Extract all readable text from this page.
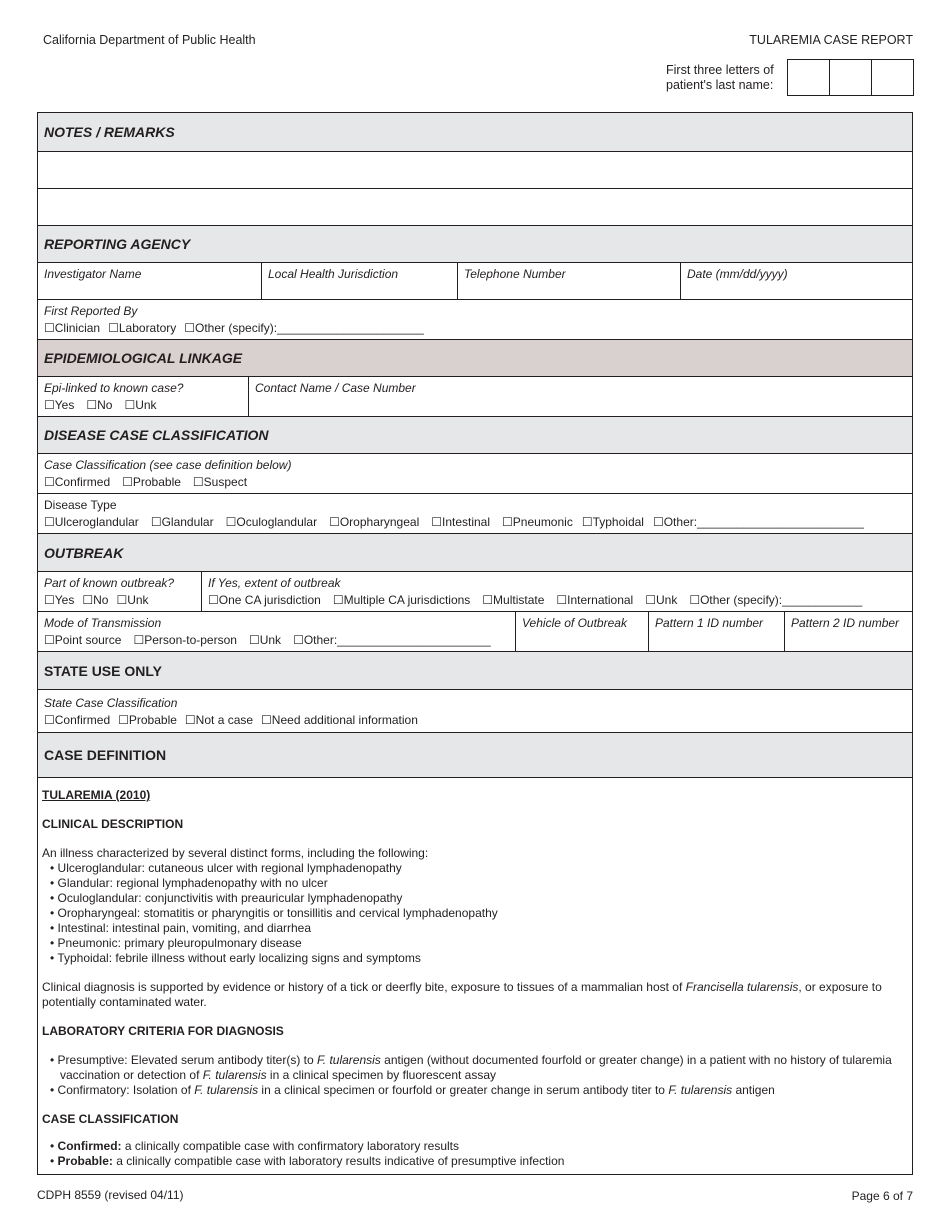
California Department of Public Health	TULAREMIA CASE REPORT
First three letters of patient's last name:
NOTES / REMARKS
REPORTING AGENCY
Investigator Name	Local Health Jurisdiction	Telephone Number	Date (mm/dd/yyyy)
First Reported By
☐Clinician ☐Laboratory ☐Other (specify):______________________
EPIDEMIOLOGICAL LINKAGE
Epi-linked to known case?
☐Yes ☐No ☐Unk
Contact Name / Case Number
DISEASE CASE CLASSIFICATION
Case Classification (see case definition below)
☐Confirmed ☐Probable ☐Suspect
Disease Type
☐Ulceroglandular ☐Glandular ☐Oculoglandular ☐Oropharyngeal ☐Intestinal ☐Pneumonic ☐Typhoidal ☐Other:_________________________
OUTBREAK
Part of known outbreak?
☐Yes ☐No ☐Unk
If Yes, extent of outbreak
☐One CA jurisdiction ☐Multiple CA jurisdictions ☐Multistate ☐International ☐Unk ☐Other (specify):____________
Mode of Transmission
☐Point source ☐Person-to-person ☐Unk ☐Other:_______________________
Vehicle of Outbreak	Pattern 1 ID number	Pattern 2 ID number
STATE USE ONLY
State Case Classification
☐Confirmed ☐Probable ☐Not a case ☐Need additional information
CASE DEFINITION
TULAREMIA (2010)
CLINICAL DESCRIPTION
An illness characterized by several distinct forms, including the following:
• Ulceroglandular: cutaneous ulcer with regional lymphadenopathy
• Glandular: regional lymphadenopathy with no ulcer
• Oculoglandular: conjunctivitis with preauricular lymphadenopathy
• Oropharyngeal: stomatitis or pharyngitis or tonsillitis and cervical lymphadenopathy
• Intestinal: intestinal pain, vomiting, and diarrhea
• Pneumonic: primary pleuropulmonary disease
• Typhoidal: febrile illness without early localizing signs and symptoms

Clinical diagnosis is supported by evidence or history of a tick or deerfly bite, exposure to tissues of a mammalian host of Francisella tularensis, or exposure to potentially contaminated water.

LABORATORY CRITERIA FOR DIAGNOSIS
• Presumptive: Elevated serum antibody titer(s) to F. tularensis antigen (without documented fourfold or greater change) in a patient with no history of tularemia vaccination or detection of F. tularensis in a clinical specimen by fluorescent assay
• Confirmatory: Isolation of F. tularensis in a clinical specimen or fourfold or greater change in serum antibody titer to F. tularensis antigen
CASE CLASSIFICATION
• Confirmed: a clinically compatible case with confirmatory laboratory results
• Probable: a clinically compatible case with laboratory results indicative of presumptive infection
CDPH 8559 (revised 04/11)	Page 6 of 7
